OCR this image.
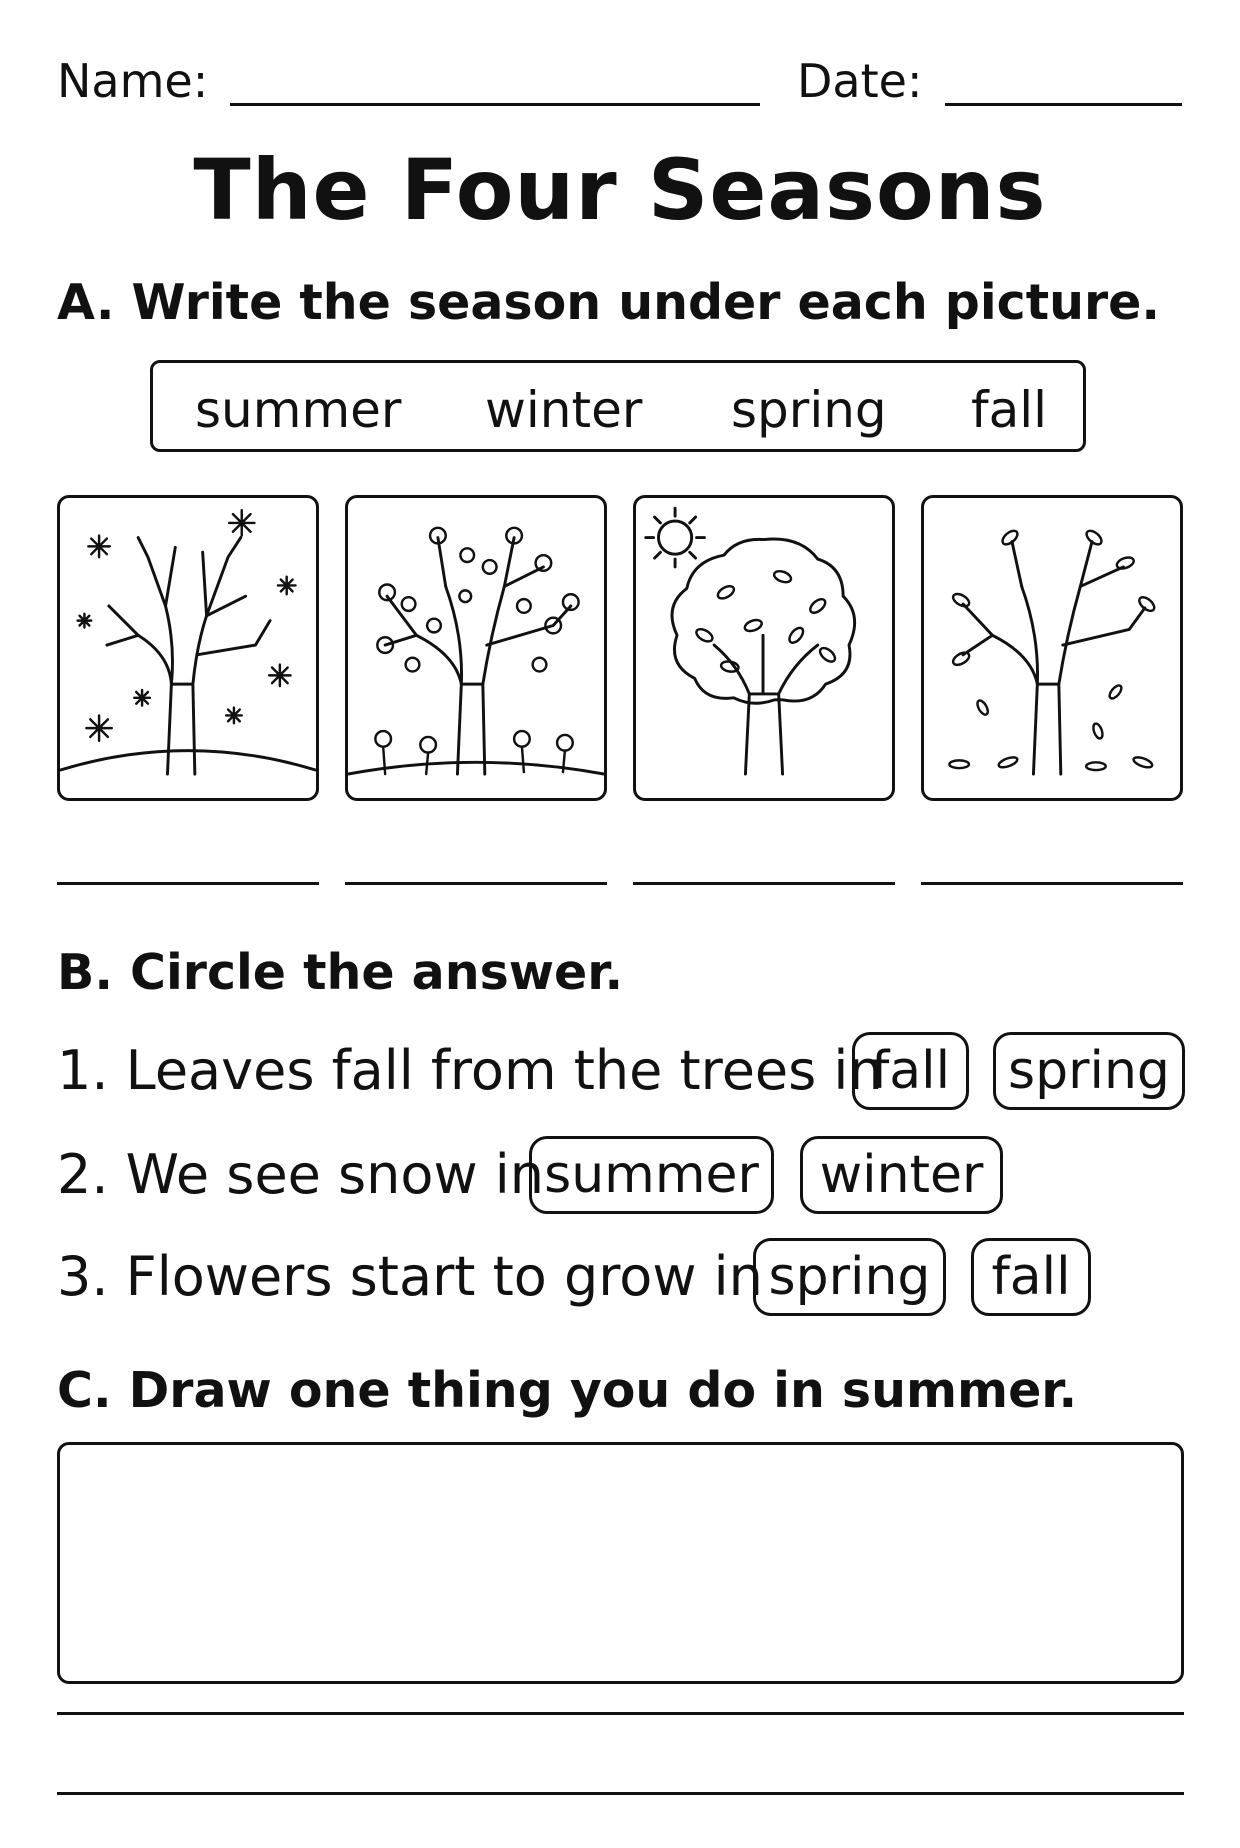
Name:	Date:
The Four Seasons
A. Write the season under each picture.
summer winter spring fall
B. Circle the answer.
1. Leaves fall from the trees in
fall	spring
2. We see snow in summer	winter
3. Flowers start to grow in spring	fall
C. Draw one thing you do in summer.
